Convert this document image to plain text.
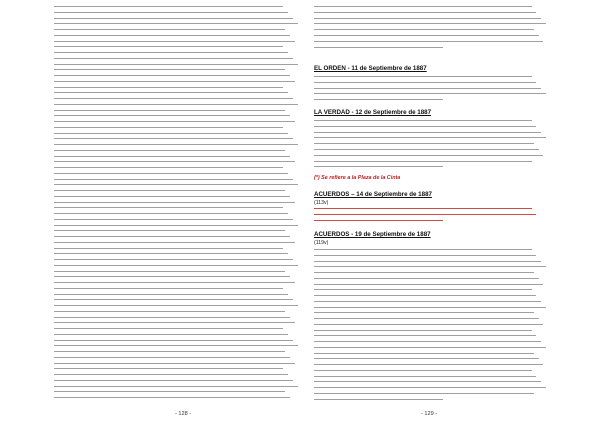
EL ORDEN - 11 de Septiembre de 1887
LA VERDAD - 12 de Septiembre de 1887
(*) Se refiere a la Plaza de la Cinta
ACUERDOS – 14 de Septiembre de 1887
(113v)
ACUERDOS - 19 de Septiembre de 1887
(119v)
- 128 -	- 129 -
